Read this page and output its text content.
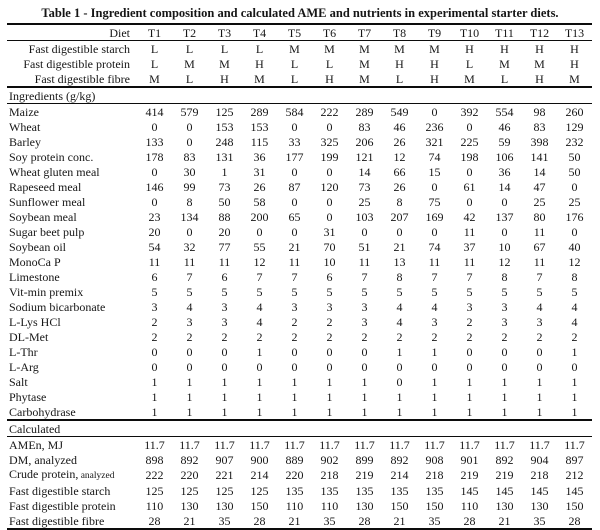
Table 1 - Ingredient composition and calculated AME and nutrients in experimental starter diets.
Diet	T1	T2	T3	T4	T5	T6	T7	T8	T9	T10	T11	T12	T13
Fast digestible starch	L	L	L	L	M	M	M	M	M	H	H	H	H
Fast digestible protein	L	M	M	H	L	L	M	H	H	L	M	M	H
Fast digestible fibre	M	L	H	M	L	H	M	L	H	M	L	H	M
Ingredients (g/kg)													
Maize	414	579	125	289	584	222	289	549	0	392	554	98	260
Wheat	0	0	153	153	0	0	83	46	236	0	46	83	129
Barley	133	0	248	115	33	325	206	26	321	225	59	398	232
Soy protein conc.	178	83	131	36	177	199	121	12	74	198	106	141	50
Wheat gluten meal	0	30	1	31	0	0	14	66	15	0	36	14	50
Rapeseed meal	146	99	73	26	87	120	73	26	0	61	14	47	0
Sunflower meal	0	8	50	58	0	0	25	8	75	0	0	25	25
Soybean meal	23	134	88	200	65	0	103	207	169	42	137	80	176
Sugar beet pulp	20	0	20	0	0	31	0	0	0	11	0	11	0
Soybean oil	54	32	77	55	21	70	51	21	74	37	10	67	40
MonoCa P	11	11	11	12	11	10	11	13	11	11	12	11	12
Limestone	6	7	6	7	7	6	7	8	7	7	8	7	8
Vit-min premix	5	5	5	5	5	5	5	5	5	5	5	5	5
Sodium bicarbonate	3	4	3	4	3	3	3	4	4	3	3	4	4
L-Lys HCl	2	3	3	4	2	2	3	4	3	2	3	3	4
DL-Met	2	2	2	2	2	2	2	2	2	2	2	2	2
L-Thr	0	0	0	1	0	0	0	1	1	0	0	0	1
L-Arg	0	0	0	0	0	0	0	0	0	0	0	0	0
Salt	1	1	1	1	1	1	1	0	1	1	1	1	1
Phytase	1	1	1	1	1	1	1	1	1	1	1	1	1
Carbohydrase	1	1	1	1	1	1	1	1	1	1	1	1	1
Calculated													
AMEn, MJ	11.7	11.7	11.7	11.7	11.7	11.7	11.7	11.7	11.7	11.7	11.7	11.7	11.7
DM, analyzed	898	892	907	900	889	902	899	892	908	901	892	904	897
Crude protein, analyzed	222	220	221	214	220	218	219	214	218	219	219	218	212
Fast digestible starch	125	125	125	125	135	135	135	135	135	145	145	145	145
Fast digestible protein	110	130	130	150	110	110	130	150	150	110	130	130	150
Fast digestible fibre	28	21	35	28	21	35	28	21	35	28	21	35	28
